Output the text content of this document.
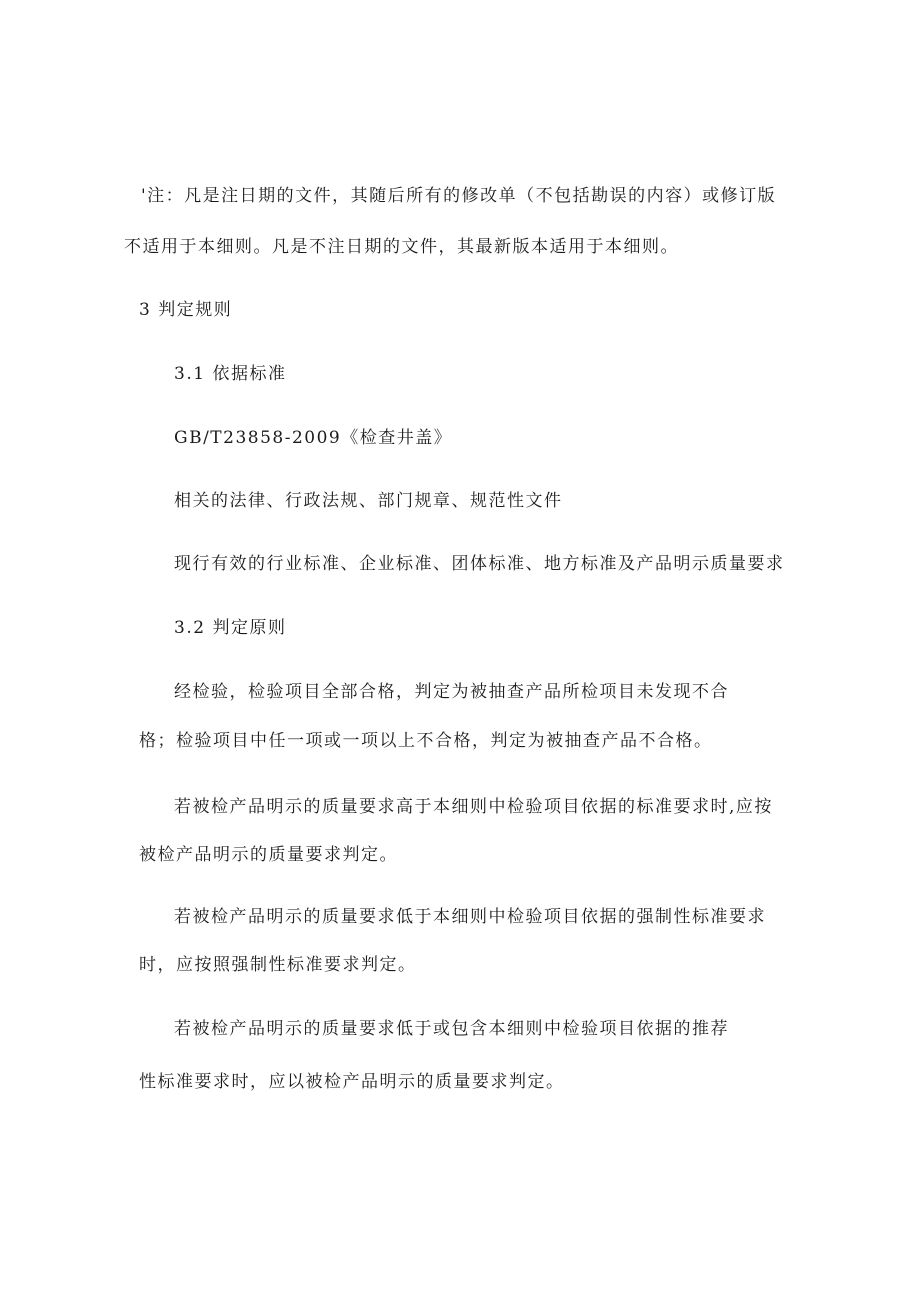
'注：凡是注日期的文件，其随后所有的修改单（不包括勘误的内容）或修订版
不适用于本细则。凡是不注日期的文件，其最新版本适用于本细则。
3 判定规则
3.1 依据标准
GB/T23858-2009《检查井盖》
相关的法律、行政法规、部门规章、规范性文件
现行有效的行业标准、企业标准、团体标准、地方标准及产品明示质量要求
3.2 判定原则
经检验，检验项目全部合格，判定为被抽查产品所检项目未发现不合
格；检验项目中任一项或一项以上不合格，判定为被抽查产品不合格。
若被检产品明示的质量要求高于本细则中检验项目依据的标准要求时,应按
被检产品明示的质量要求判定。
若被检产品明示的质量要求低于本细则中检验项目依据的强制性标准要求
时，应按照强制性标准要求判定。
若被检产品明示的质量要求低于或包含本细则中检验项目依据的推荐
性标准要求时，应以被检产品明示的质量要求判定。
